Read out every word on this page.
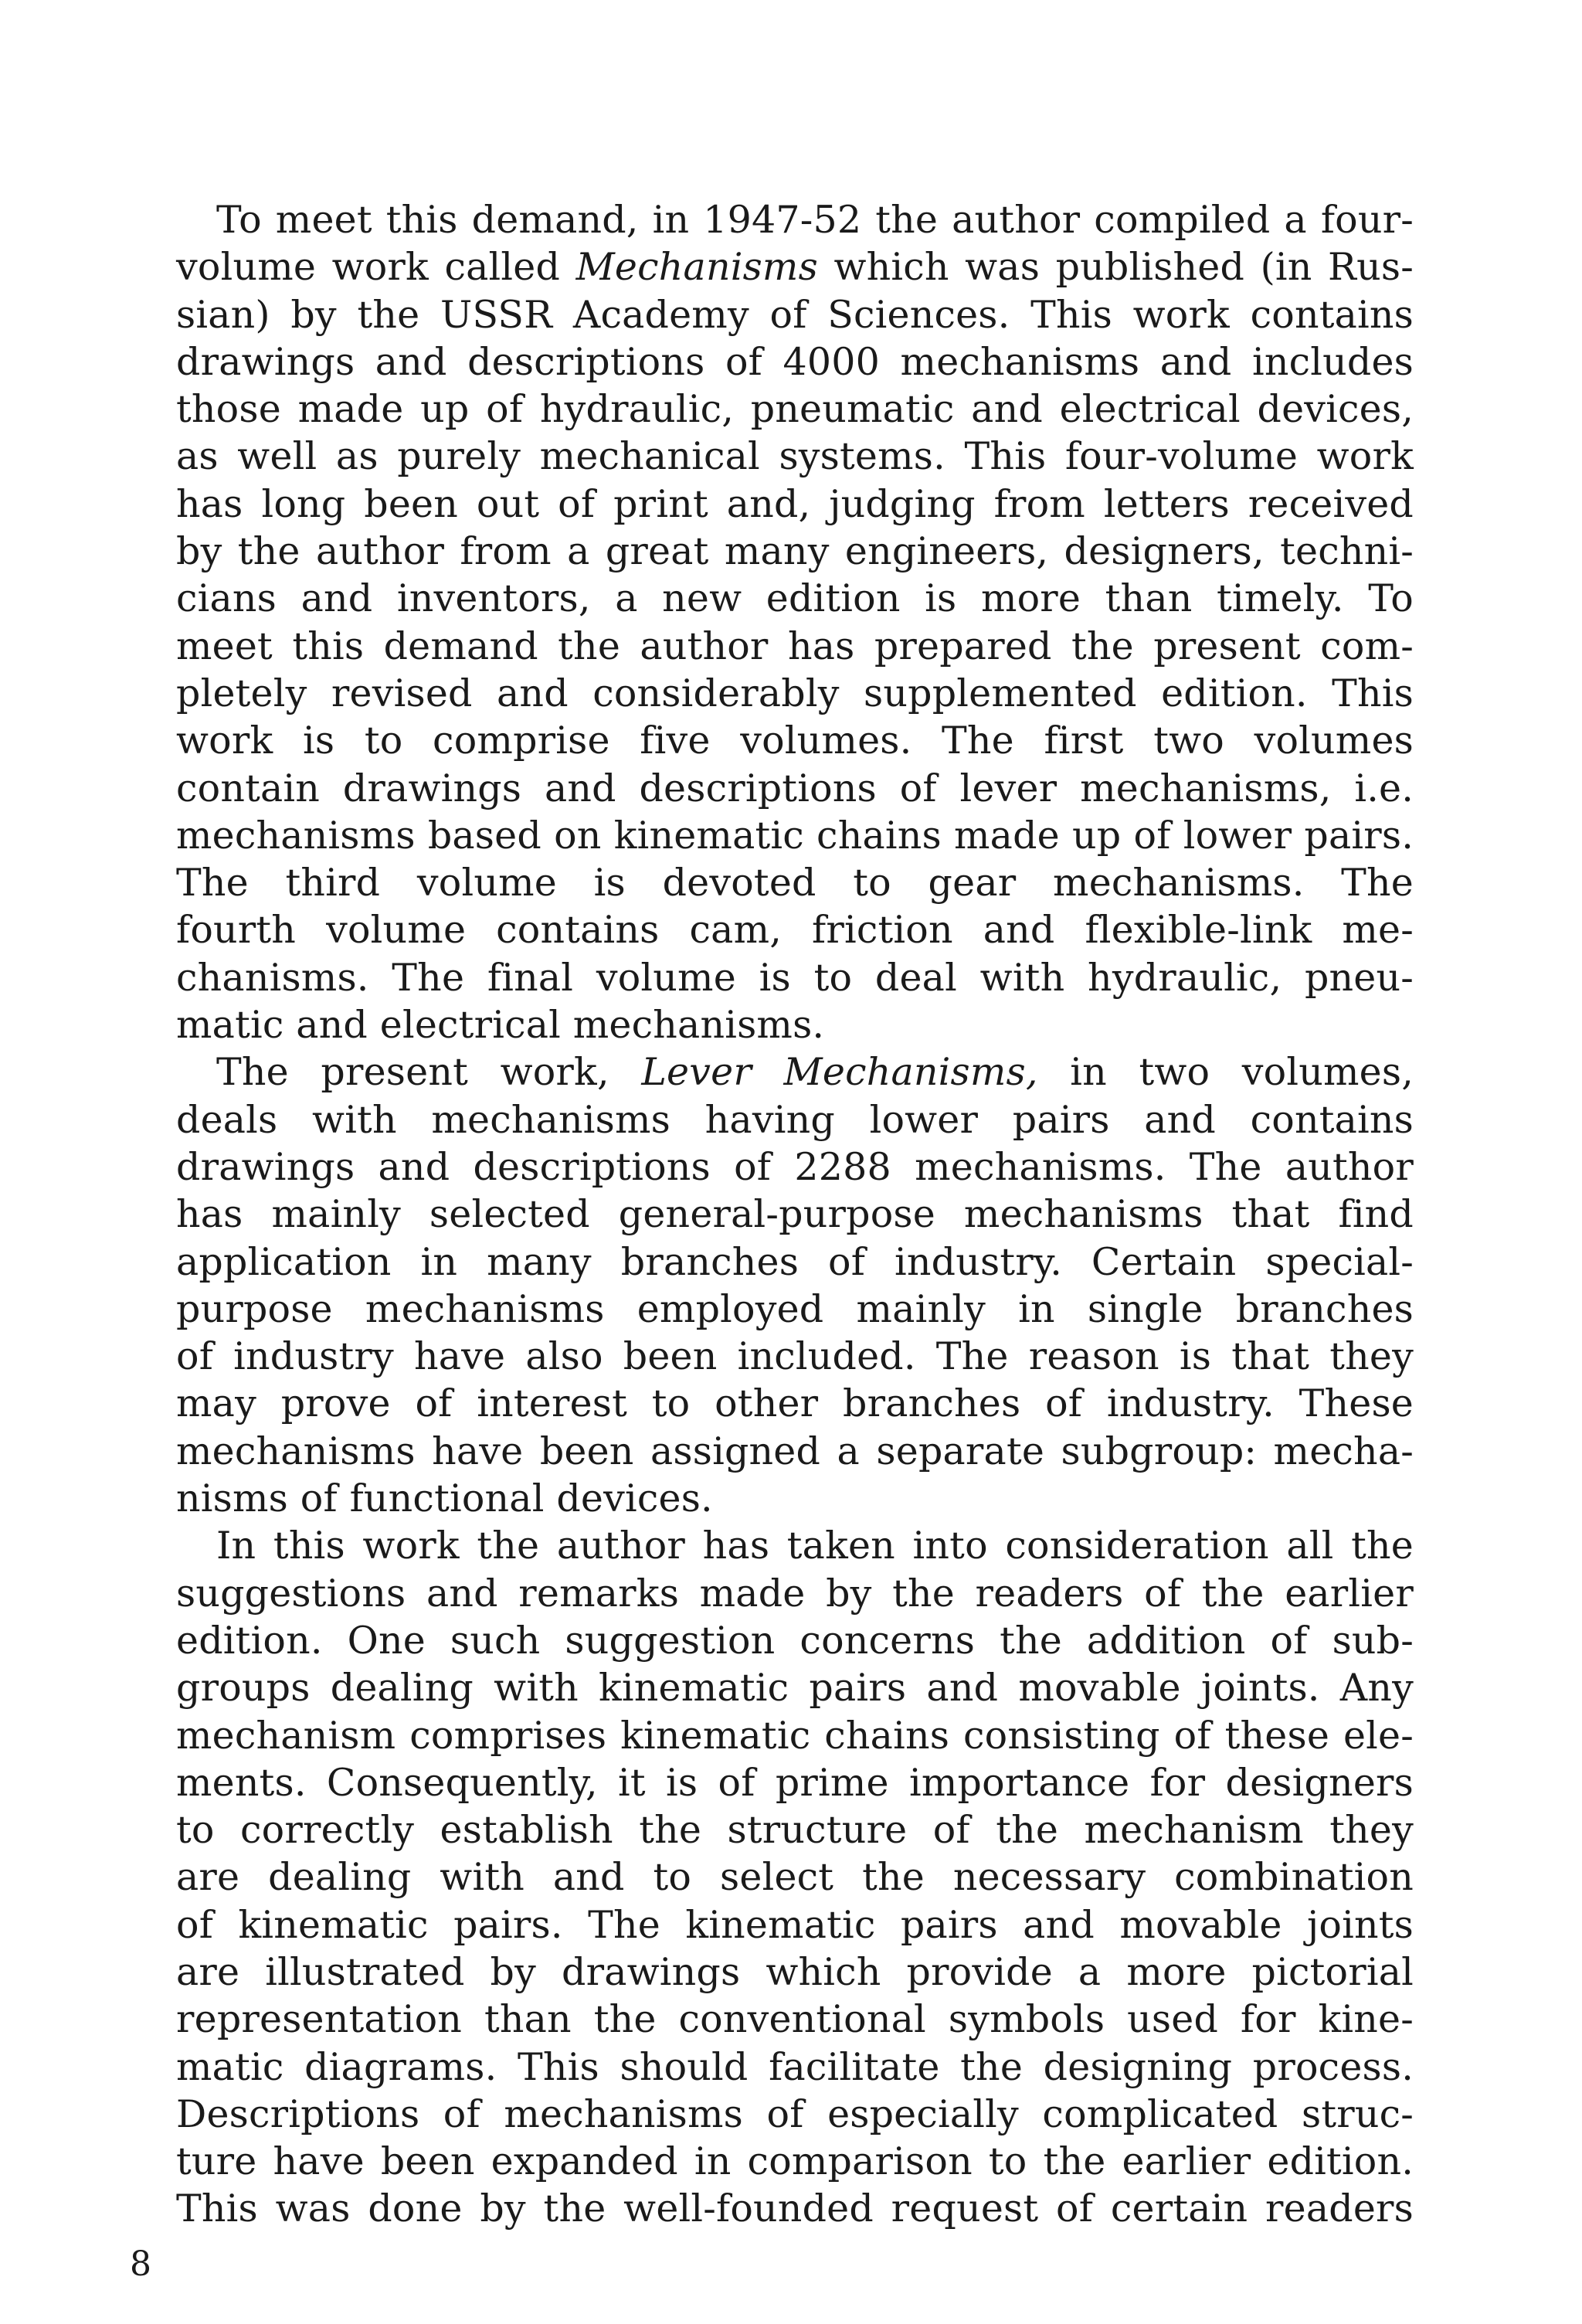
To meet this demand, in 1947-52 the author compiled a four-
volume work called Mechanisms which was published (in Rus-
sian) by the USSR Academy of Sciences. This work contains
drawings and descriptions of 4000 mechanisms and includes
those made up of hydraulic, pneumatic and electrical devices,
as well as purely mechanical systems. This four-volume work
has long been out of print and, judging from letters received
by the author from a great many engineers, designers, techni-
cians and inventors, a new edition is more than timely. To
meet this demand the author has prepared the present com-
pletely revised and considerably supplemented edition. This
work is to comprise five volumes. The first two volumes
contain drawings and descriptions of lever mechanisms, i.e.
mechanisms based on kinematic chains made up of lower pairs.
The third volume is devoted to gear mechanisms. The
fourth volume contains cam, friction and flexible-link me-
chanisms. The final volume is to deal with hydraulic, pneu-
matic and electrical mechanisms.
The present work, Lever Mechanisms, in two volumes,
deals with mechanisms having lower pairs and contains
drawings and descriptions of 2288 mechanisms. The author
has mainly selected general-purpose mechanisms that find
application in many branches of industry. Certain special-
purpose mechanisms employed mainly in single branches
of industry have also been included. The reason is that they
may prove of interest to other branches of industry. These
mechanisms have been assigned a separate subgroup: mecha-
nisms of functional devices.
In this work the author has taken into consideration all the
suggestions and remarks made by the readers of the earlier
edition. One such suggestion concerns the addition of sub-
groups dealing with kinematic pairs and movable joints. Any
mechanism comprises kinematic chains consisting of these ele-
ments. Consequently, it is of prime importance for designers
to correctly establish the structure of the mechanism they
are dealing with and to select the necessary combination
of kinematic pairs. The kinematic pairs and movable joints
are illustrated by drawings which provide a more pictorial
representation than the conventional symbols used for kine-
matic diagrams. This should facilitate the designing process.
Descriptions of mechanisms of especially complicated struc-
ture have been expanded in comparison to the earlier edition.
This was done by the well-founded request of certain readers
8
